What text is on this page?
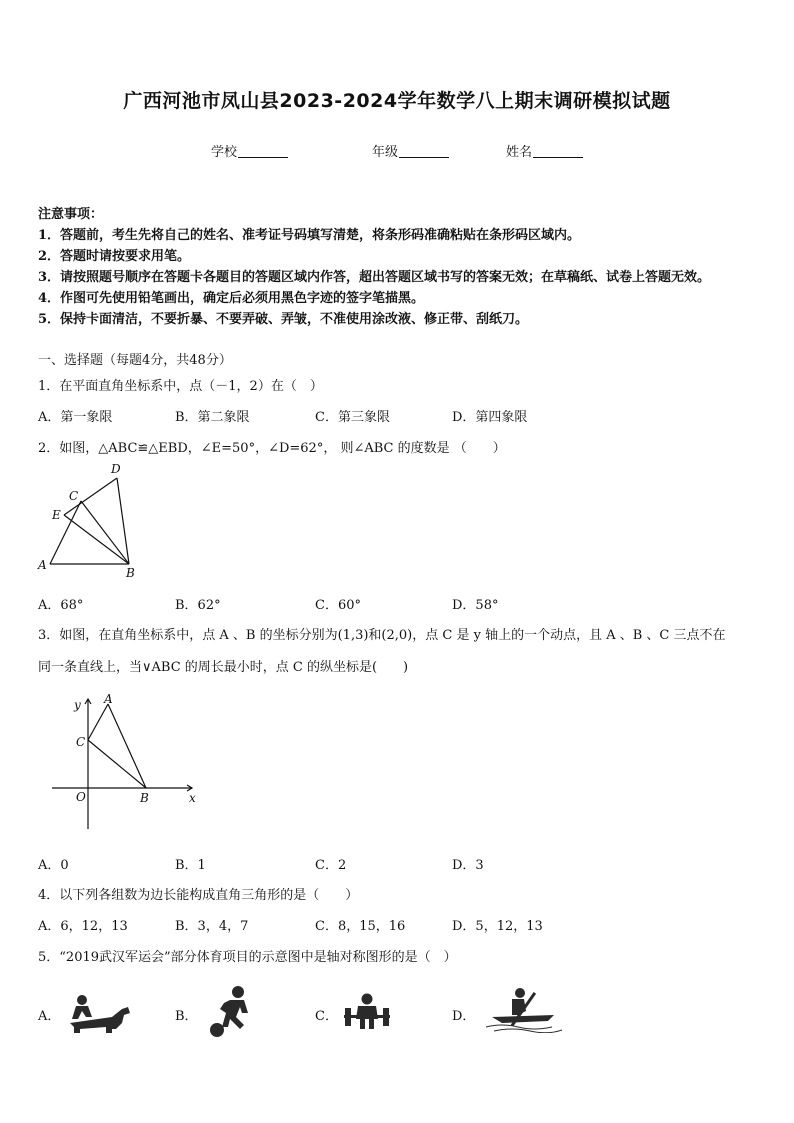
广西河池市凤山县2023-2024学年数学八上期末调研模拟试题
学校	年级	姓名
注意事项：
1．答题前，考生先将自己的姓名、准考证号码填写清楚，将条形码准确粘贴在条形码区域内。
2．答题时请按要求用笔。
3．请按照题号顺序在答题卡各题目的答题区域内作答，超出答题区域书写的答案无效；在草稿纸、试卷上答题无效。
4．作图可先使用铅笔画出，确定后必须用黑色字迹的签字笔描黑。
5．保持卡面清洁，不要折暴、不要弄破、弄皱，不准使用涂改液、修正带、刮纸刀。
一、选择题（每题4分，共48分）
1．在平面直角坐标系中，点（－1，2）在（　）
A．第一象限	B．第二象限	C．第三象限	D．第四象限
2．如图，△ABC≌△EBD，∠E=50°，∠D=62°， 则∠ABC 的度数是 （　　）
D
C
E
A
B
A．68°	B．62°	C．60°	D．58°
3．如图，在直角坐标系中，点 A 、B 的坐标分别为(1,3)和(2,0)，点 C 是 y 轴上的一个动点，且 A 、B 、C 三点不在
同一条直线上，当∨ABC 的周长最小时，点 C 的纵坐标是(　　)
y A
C
O	B	x
A．0	B．1	C．2	D．3
4．以下列各组数为边长能构成直角三角形的是（　　）
A．6，12，13	B．3，4，7	C．8，15，16	D．5，12，13
5．“2019武汉军运会”部分体育项目的示意图中是轴对称图形的是（　）
A．	B．	C．	D．
